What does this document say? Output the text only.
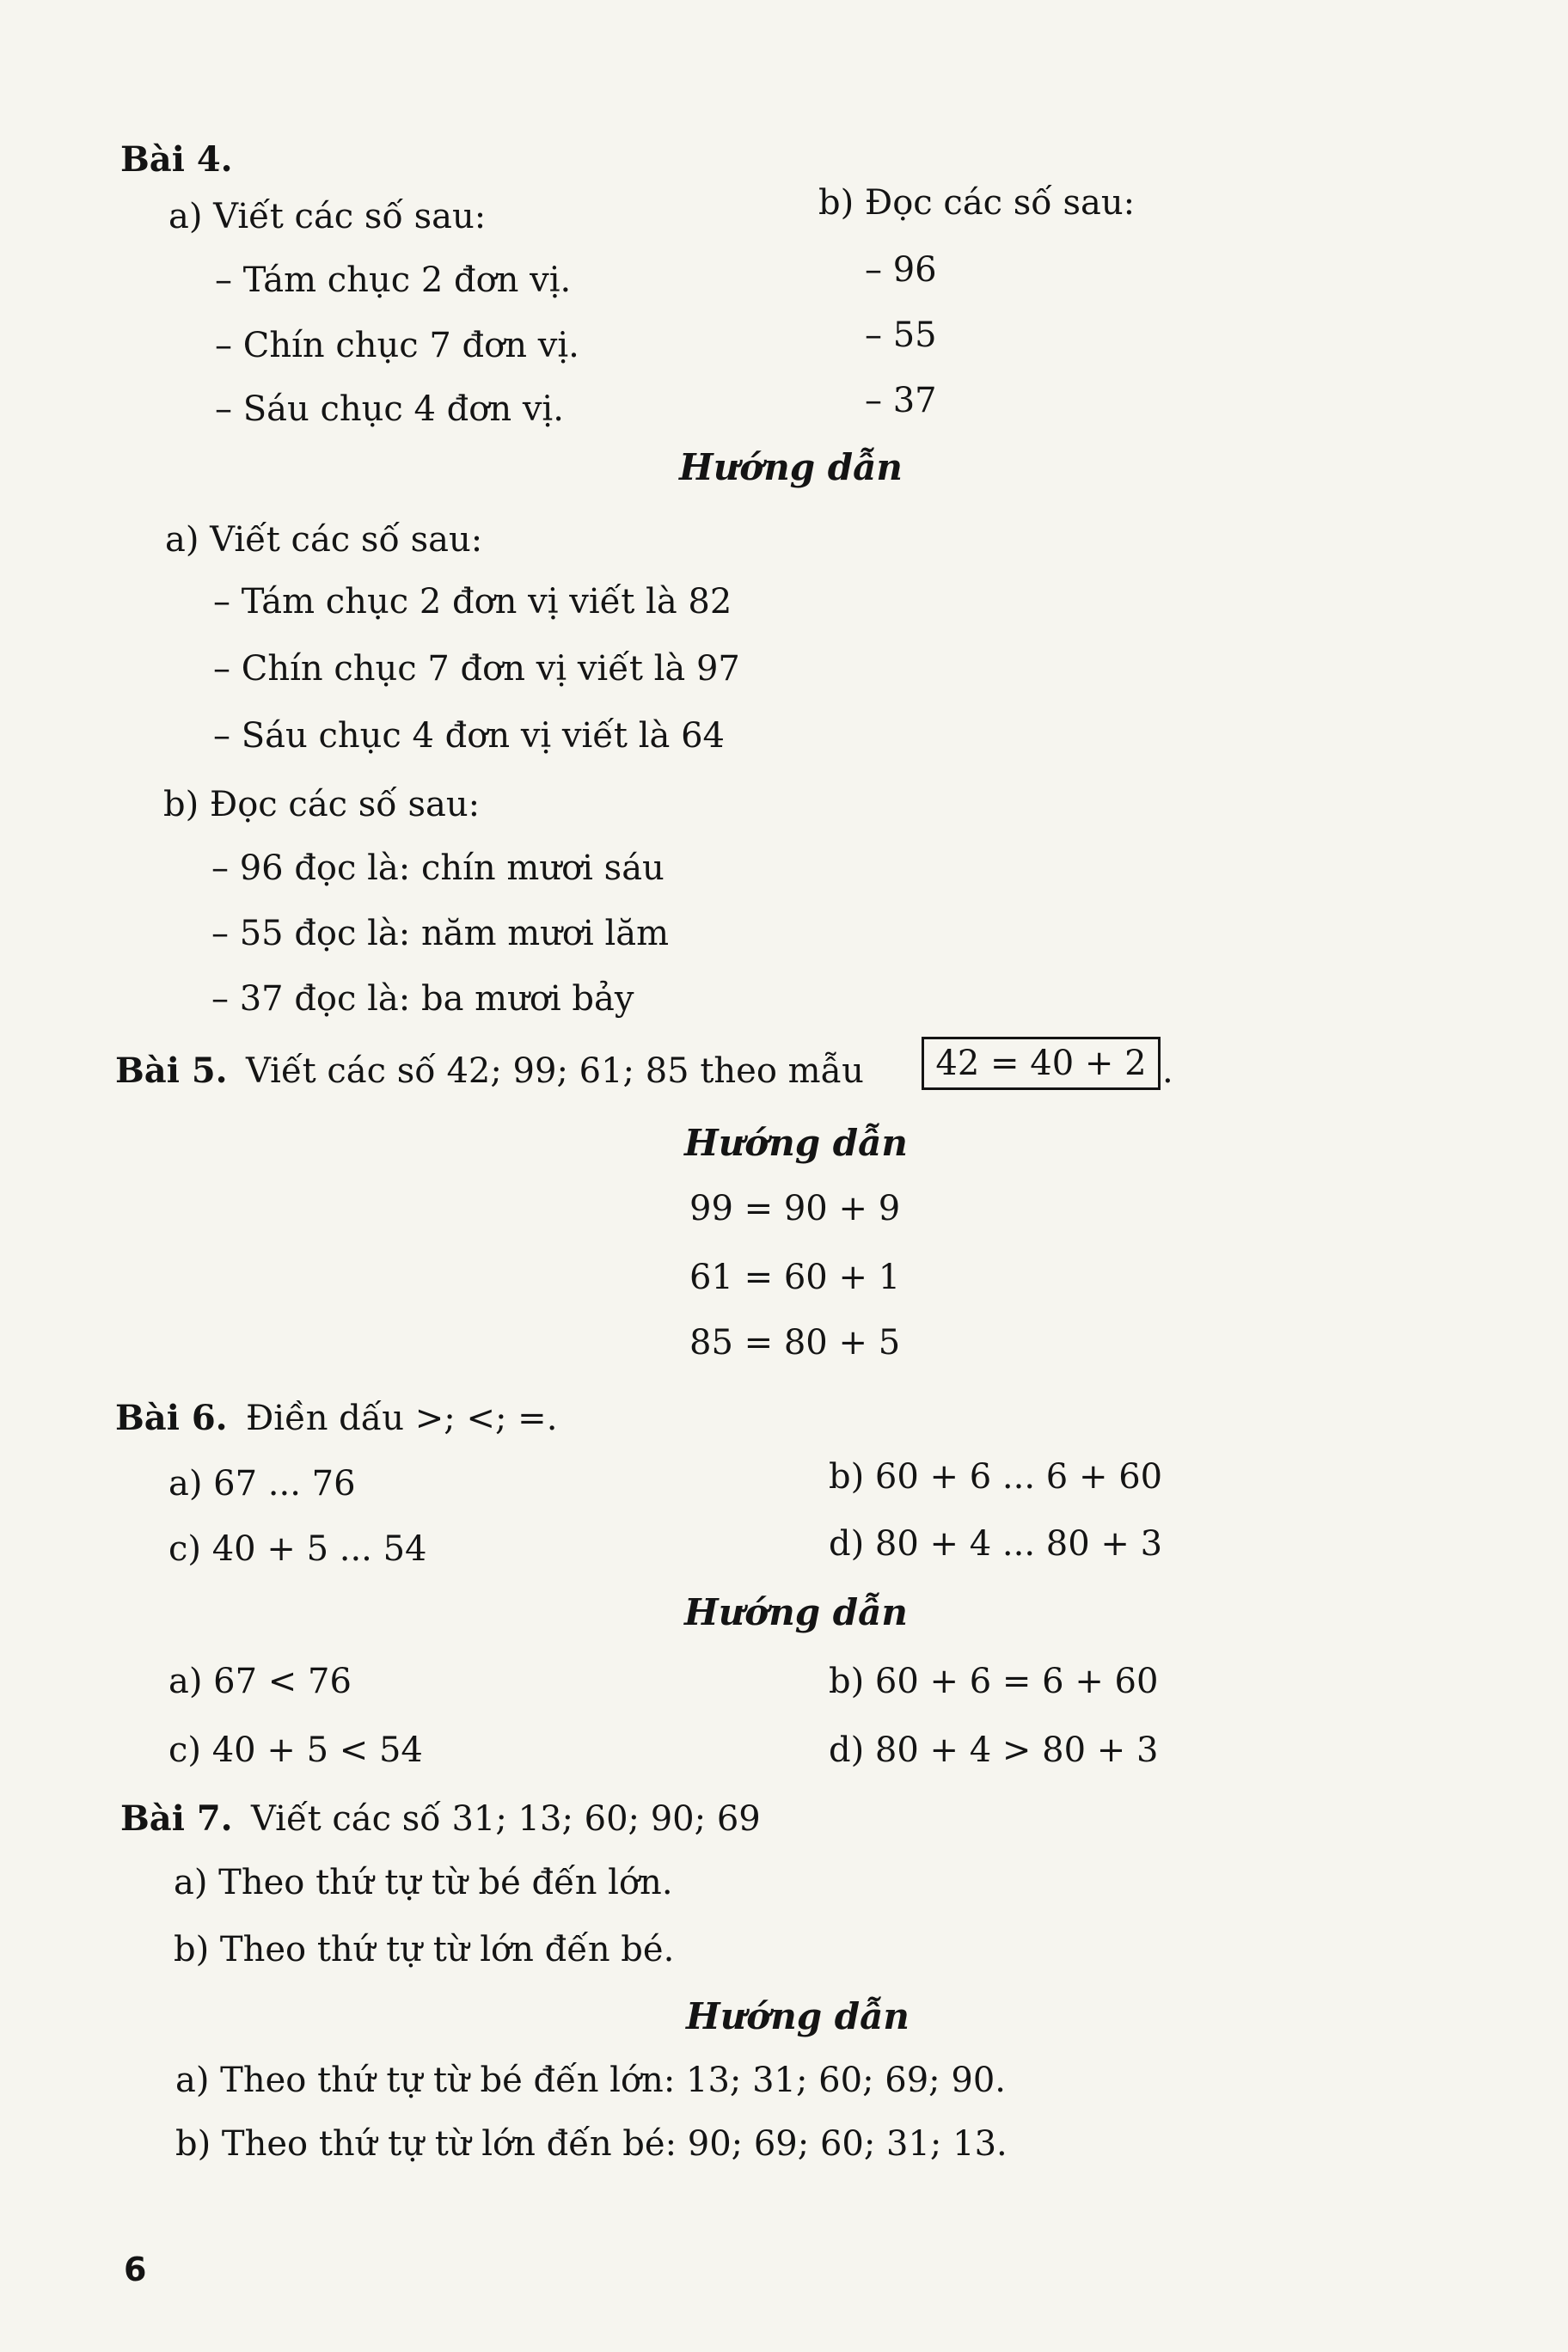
Bài 4.
a) Viết các số sau:	b) Đọc các số sau:
– Tám chục 2 đơn vị.
– Chín chục 7 đơn vị.
– Sáu chục 4 đơn vị.
– 96
– 55
– 37
Hướng dẫn
a) Viết các số sau:
– Tám chục 2 đơn vị viết là 82
– Chín chục 7 đơn vị viết là 97
– Sáu chục 4 đơn vị viết là 64
b) Đọc các số sau:
– 96 đọc là: chín mươi sáu
– 55 đọc là: năm mươi lăm
– 37 đọc là: ba mươi bảy
Bài 5. Viết các số 42; 99; 61; 85 theo mẫu	42 = 40 + 2 .
Hướng dẫn
99 = 90 + 9
61 = 60 + 1
85 = 80 + 5
Bài 6. Điền dấu >; <; =.
a) 67 ... 76	b) 60 + 6 ... 6 + 60
c) 40 + 5 ... 54	d) 80 + 4 ... 80 + 3
Hướng dẫn
a) 67 < 76	b) 60 + 6 = 6 + 60
c) 40 + 5 < 54	d) 80 + 4 > 80 + 3
Bài 7. Viết các số 31; 13; 60; 90; 69
a) Theo thứ tự từ bé đến lớn.
b) Theo thứ tự từ lớn đến bé.
Hướng dẫn
a) Theo thứ tự từ bé đến lớn: 13; 31; 60; 69; 90.
b) Theo thứ tự từ lớn đến bé: 90; 69; 60; 31; 13.
6
